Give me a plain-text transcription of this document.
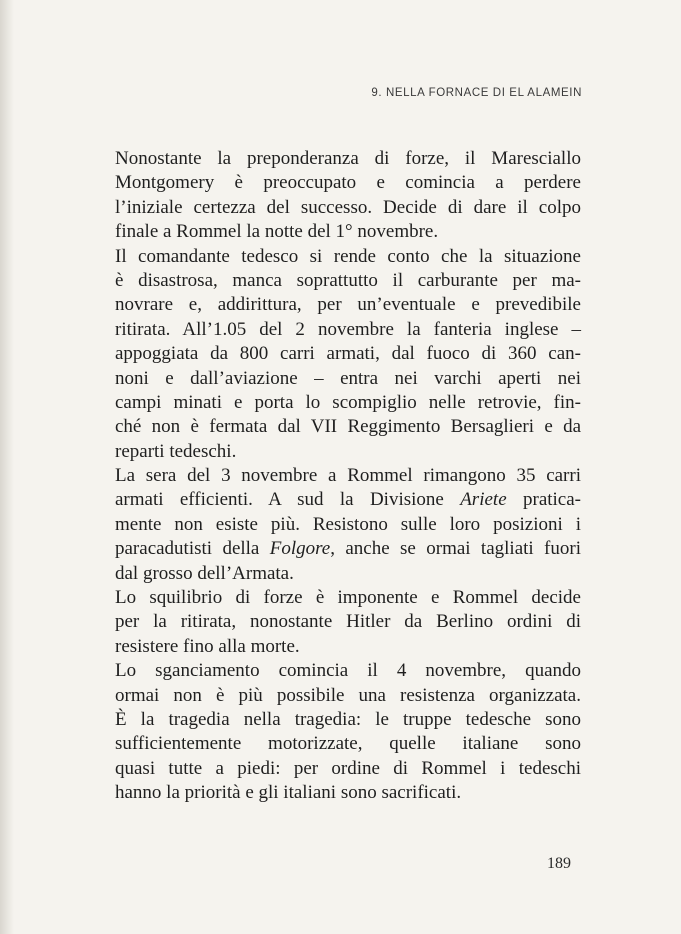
9. NELLA FORNACE DI EL ALAMEIN
Nonostante la preponderanza di forze, il Maresciallo
Montgomery è preoccupato e comincia a perdere
l’iniziale certezza del successo. Decide di dare il colpo
finale a Rommel la notte del 1° novembre.
Il comandante tedesco si rende conto che la situazione
è disastrosa, manca soprattutto il carburante per ma-
novrare e, addirittura, per un’eventuale e prevedibile
ritirata. All’1.05 del 2 novembre la fanteria inglese –
appoggiata da 800 carri armati, dal fuoco di 360 can-
noni e dall’aviazione – entra nei varchi aperti nei
campi minati e porta lo scompiglio nelle retrovie, fin-
ché non è fermata dal VII Reggimento Bersaglieri e da
reparti tedeschi.
La sera del 3 novembre a Rommel rimangono 35 carri
armati efficienti. A sud la Divisione Ariete pratica-
mente non esiste più. Resistono sulle loro posizioni i
paracadutisti della Folgore, anche se ormai tagliati fuori
dal grosso dell’Armata.
Lo squilibrio di forze è imponente e Rommel decide
per la ritirata, nonostante Hitler da Berlino ordini di
resistere fino alla morte.
Lo sganciamento comincia il 4 novembre, quando
ormai non è più possibile una resistenza organizzata.
È la tragedia nella tragedia: le truppe tedesche sono
sufficientemente motorizzate, quelle italiane sono
quasi tutte a piedi: per ordine di Rommel i tedeschi
hanno la priorità e gli italiani sono sacrificati.
189
